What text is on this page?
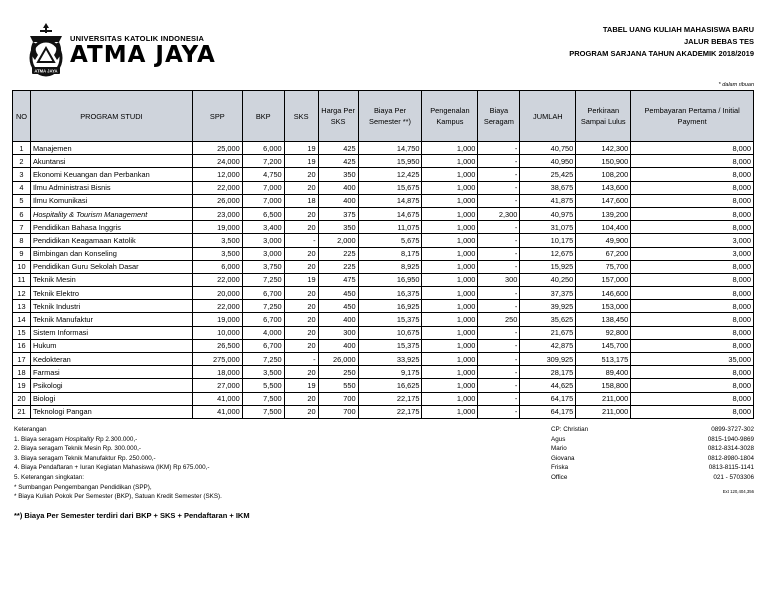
ATMA JAYA
UNIVERSITAS KATOLIK INDONESIA
ATMA JAYA
TABEL UANG KULIAH MAHASISWA BARU
JALUR BEBAS TES
PROGRAM SARJANA TAHUN AKADEMIK 2018/2019
* dalam ribuan
NO	PROGRAM STUDI	SPP	BKP	SKS	Harga Per SKS	Biaya Per Semester **)	Pengenalan Kampus	Biaya Seragam	JUMLAH	Perkiraan Sampai Lulus	Pembayaran Pertama / Initial Payment
1	Manajemen	25,000	6,000	19	425	14,750	1,000	-	40,750	142,300	8,000
2	Akuntansi	24,000	7,200	19	425	15,950	1,000	-	40,950	150,900	8,000
3	Ekonomi Keuangan dan Perbankan	12,000	4,750	20	350	12,425	1,000	-	25,425	108,200	8,000
4	Ilmu Administrasi Bisnis	22,000	7,000	20	400	15,675	1,000	-	38,675	143,600	8,000
5	Ilmu Komunikasi	26,000	7,000	18	400	14,875	1,000	-	41,875	147,600	8,000
6	Hospitality & Tourism Management	23,000	6,500	20	375	14,675	1,000	2,300	40,975	139,200	8,000
7	Pendidikan Bahasa Inggris	19,000	3,400	20	350	11,075	1,000	-	31,075	104,400	8,000
8	Pendidikan Keagamaan Katolik	3,500	3,000	-	2,000	5,675	1,000	-	10,175	49,900	3,000
9	Bimbingan dan Konseling	3,500	3,000	20	225	8,175	1,000	-	12,675	67,200	3,000
10	Pendidikan Guru Sekolah Dasar	6,000	3,750	20	225	8,925	1,000	-	15,925	75,700	8,000
11	Teknik Mesin	22,000	7,250	19	475	16,950	1,000	300	40,250	157,000	8,000
12	Teknik Elektro	20,000	6,700	20	450	16,375	1,000	-	37,375	146,600	8,000
13	Teknik Industri	22,000	7,250	20	450	16,925	1,000	-	39,925	153,000	8,000
14	Teknik Manufaktur	19,000	6,700	20	400	15,375	1,000	250	35,625	138,450	8,000
15	Sistem Informasi	10,000	4,000	20	300	10,675	1,000	-	21,675	92,800	8,000
16	Hukum	26,500	6,700	20	400	15,375	1,000	-	42,875	145,700	8,000
17	Kedokteran	275,000	7,250	-	26,000	33,925	1,000	-	309,925	513,175	35,000
18	Farmasi	18,000	3,500	20	250	9,175	1,000	-	28,175	89,400	8,000
19	Psikologi	27,000	5,500	19	550	16,625	1,000	-	44,625	158,800	8,000
20	Biologi	41,000	7,500	20	700	22,175	1,000	-	64,175	211,000	8,000
21	Teknologi Pangan	41,000	7,500	20	700	22,175	1,000	-	64,175	211,000	8,000
Keterangan
1. Biaya seragam Hospitality Rp 2.300.000,-
2. Biaya seragam Teknik Mesin Rp. 300.000,-
3. Biaya seragam Teknik Manufaktur Rp. 250.000,-
4. Biaya Pendaftaran + Iuran Kegiatan Mahasiswa (IKM) Rp 675.000,-
5. Keterangan singkatan:
* Sumbangan Pengembangan Pendidikan (SPP),
* Biaya Kuliah Pokok Per Semester (BKP), Satuan Kredit Semester (SKS).
CP: Christian	0899-3727-302
Agus	0815-1940-9869
Mario	0812-8314-3028
Giovana	0812-8980-1804
Friska	0813-8115-1141
Office	021 - 5703306
Ext 120,404,356
**) Biaya Per Semester terdiri dari BKP + SKS + Pendaftaran + IKM
